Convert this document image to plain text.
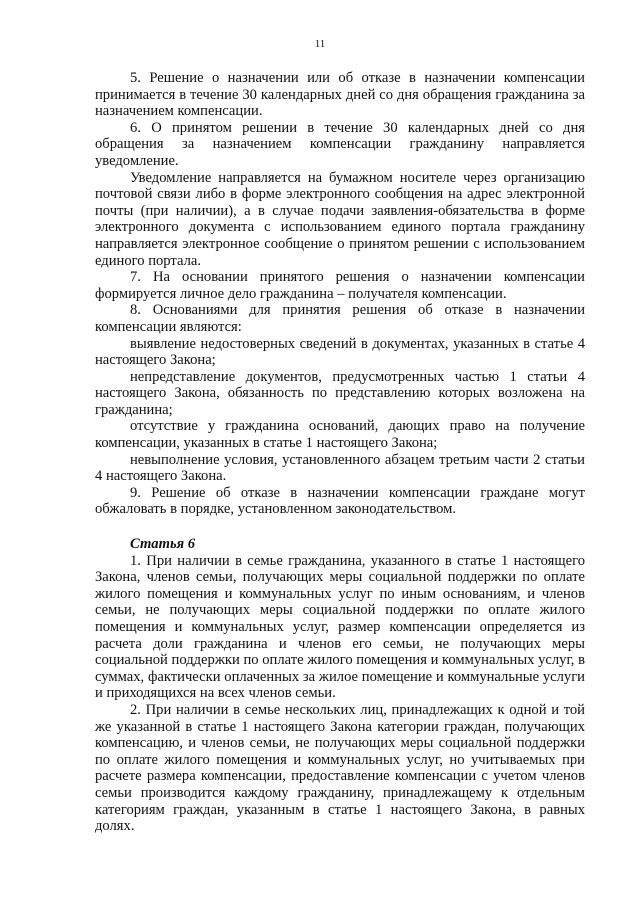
11

5. Решение о назначении или об отказе в назначении компенсации принимается в течение 30 календарных дней со дня обращения гражданина за назначением компенсации.

6. О принятом решении в течение 30 календарных дней со дня обращения за назначением компенсации гражданину направляется уведомление.

Уведомление направляется на бумажном носителе через организацию почтовой связи либо в форме электронного сообщения на адрес электронной почты (при наличии), а в случае подачи заявления-обязательства в форме электронного документа с использованием единого портала гражданину направляется электронное сообщение о принятом решении с использованием единого портала.

7. На основании принятого решения о назначении компенсации формируется личное дело гражданина – получателя компенсации.

8. Основаниями для принятия решения об отказе в назначении компенсации являются:

выявление недостоверных сведений в документах, указанных в статье 4 настоящего Закона;

непредставление документов, предусмотренных частью 1 статьи 4 настоящего Закона, обязанность по представлению которых возложена на гражданина;

отсутствие у гражданина оснований, дающих право на получение компенсации, указанных в статье 1 настоящего Закона;

невыполнение условия, установленного абзацем третьим части 2 статьи 4 настоящего Закона.

9. Решение об отказе в назначении компенсации граждане могут обжаловать в порядке, установленном законодательством.

Статья 6

1. При наличии в семье гражданина, указанного в статье 1 настоящего Закона, членов семьи, получающих меры социальной поддержки по оплате жилого помещения и коммунальных услуг по иным основаниям, и членов семьи, не получающих меры социальной поддержки по оплате жилого помещения и коммунальных услуг, размер компенсации определяется из расчета доли гражданина и членов его семьи, не получающих меры социальной поддержки по оплате жилого помещения и коммунальных услуг, в суммах, фактически оплаченных за жилое помещение и коммунальные услуги и приходящихся на всех членов семьи.

2. При наличии в семье нескольких лиц, принадлежащих к одной и той же указанной в статье 1 настоящего Закона категории граждан, получающих компенсацию, и членов семьи, не получающих меры социальной поддержки по оплате жилого помещения и коммунальных услуг, но учитываемых при расчете размера компенсации, предоставление компенсации с учетом членов семьи производится каждому гражданину, принадлежащему к отдельным категориям граждан, указанным в статье 1 настоящего Закона, в равных долях.
